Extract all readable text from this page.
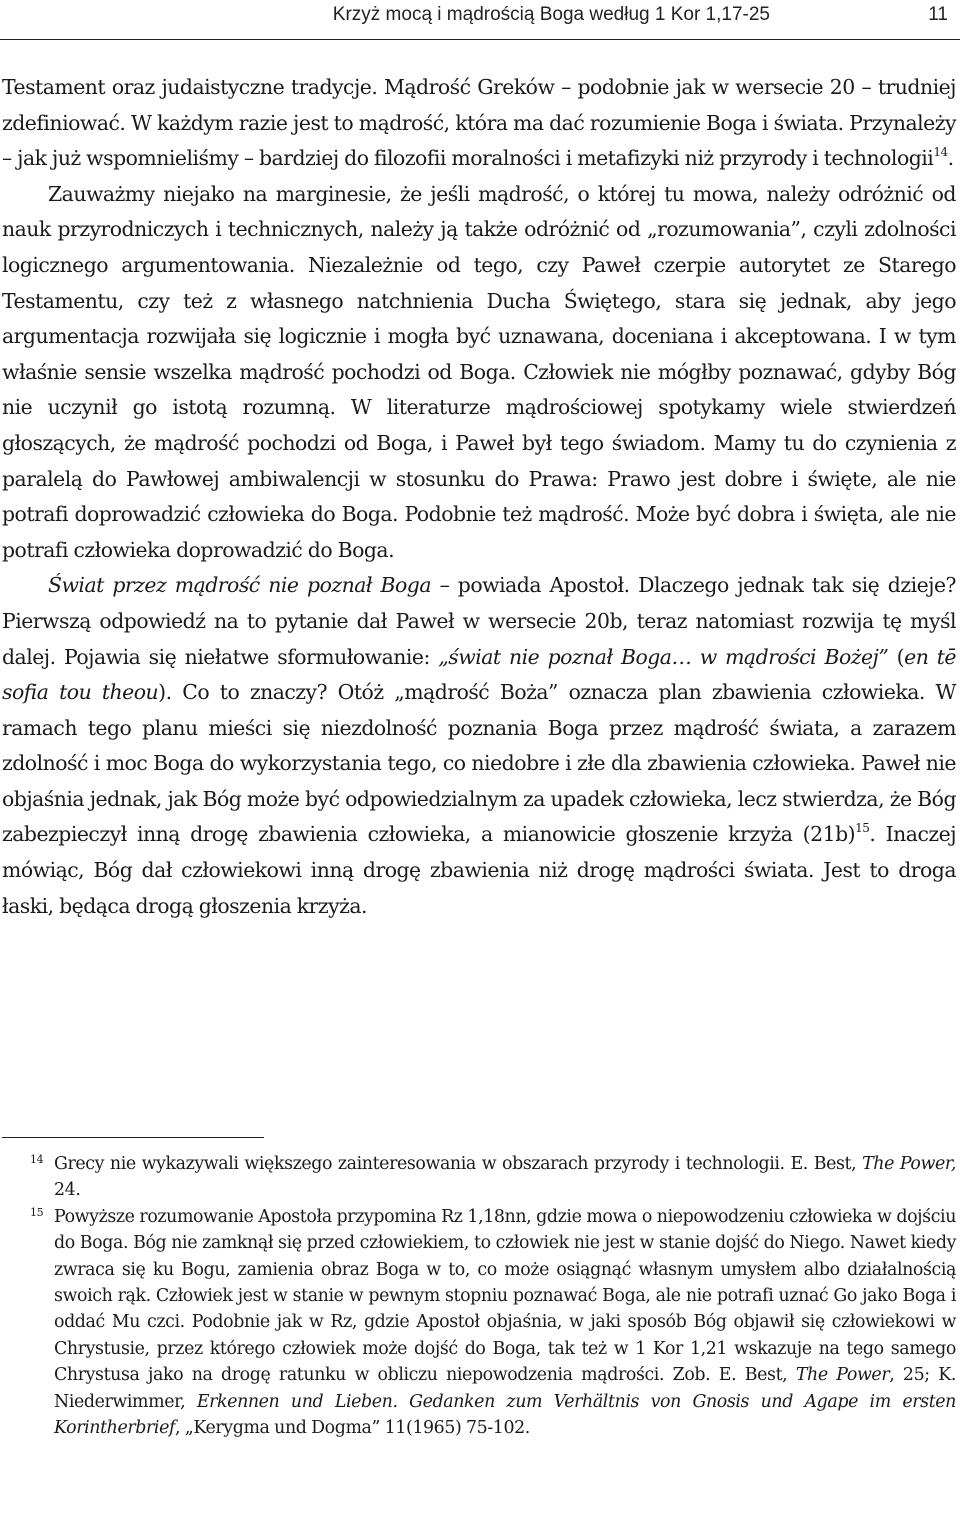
Krzyż mocą i mądrością Boga według 1 Kor 1,17-25	11

Testament oraz judaistyczne tradycje. Mądrość Greków – podobnie jak w wersecie 20 – trudniej zdefiniować. W każdym razie jest to mądrość, która ma dać rozumienie Boga i świata. Przynależy – jak już wspomnieliśmy – bardziej do filozofii moralności i metafizyki niż przyrody i technologii$^{14}$.

Zauważmy niejako na marginesie, że jeśli mądrość, o której tu mowa, należy odróżnić od nauk przyrodniczych i technicznych, należy ją także odróżnić od „rozumowania”, czyli zdolności logicznego argumentowania. Niezależnie od tego, czy Paweł czerpie autorytet ze Starego Testamentu, czy też z własnego natchnienia Ducha Świętego, stara się jednak, aby jego argumentacja rozwijała się logicznie i mogła być uznawana, doceniana i akceptowana. I w tym właśnie sensie wszelka mądrość pochodzi od Boga. Człowiek nie mógłby poznawać, gdyby Bóg nie uczynił go istotą rozumną. W literaturze mądrościowej spotykamy wiele stwierdzeń głoszących, że mądrość pochodzi od Boga, i Paweł był tego świadom. Mamy tu do czynienia z paralelą do Pawłowej ambiwalencji w stosunku do Prawa: Prawo jest dobre i święte, ale nie potrafi doprowadzić człowieka do Boga. Podobnie też mądrość. Może być dobra i święta, ale nie potrafi człowieka doprowadzić do Boga.

Świat przez mądrość nie poznał Boga – powiada Apostoł. Dlaczego jednak tak się dzieje? Pierwszą odpowiedź na to pytanie dał Paweł w wersecie 20b, teraz natomiast rozwija tę myśl dalej. Pojawia się niełatwe sformułowanie: „świat nie poznał Boga… w mądrości Bożej” (en tē sofia tou theou). Co to znaczy? Otóż „mądrość Boża” oznacza plan zbawienia człowieka. W ramach tego planu mieści się niezdolność poznania Boga przez mądrość świata, a zarazem zdolność i moc Boga do wykorzystania tego, co niedobre i złe dla zbawienia człowieka. Paweł nie objaśnia jednak, jak Bóg może być odpowiedzialnym za upadek człowieka, lecz stwierdza, że Bóg zabezpieczył inną drogę zbawienia człowieka, a mianowicie głoszenie krzyża $(21b)^{15}$. Inaczej mówiąc, Bóg dał człowiekowi inną drogę zbawienia niż drogę mądrości świata. Jest to droga łaski, będąca drogą głoszenia krzyża.

14 Grecy nie wykazywali większego zainteresowania w obszarach przyrody i technologii. E. Best, The Power, 24.

15 Powyższe rozumowanie Apostoła przypomina Rz 1,18nn, gdzie mowa o niepowodzeniu człowieka w dojściu do Boga. Bóg nie zamknął się przed człowiekiem, to człowiek nie jest w stanie dojść do Niego. Nawet kiedy zwraca się ku Bogu, zamienia obraz Boga w to, co może osiągnąć własnym umysłem albo działalnością swoich rąk. Człowiek jest w stanie w pewnym stopniu poznawać Boga, ale nie potrafi uznać Go jako Boga i oddać Mu czci. Podobnie jak w Rz, gdzie Apostoł objaśnia, w jaki sposób Bóg objawił się człowiekowi w Chrystusie, przez którego człowiek może dojść do Boga, tak też w 1 Kor 1,21 wskazuje na tego samego Chrystusa jako na drogę ratunku w obliczu niepowodzenia mądrości. Zob. E. Best, The Power, 25; K. Niederwimmer, Erkennen und Lieben. Gedanken zum Verhältnis von Gnosis und Agape im ersten Korintherbrief, „Kerygma und Dogma” 11(1965) 75-102.
